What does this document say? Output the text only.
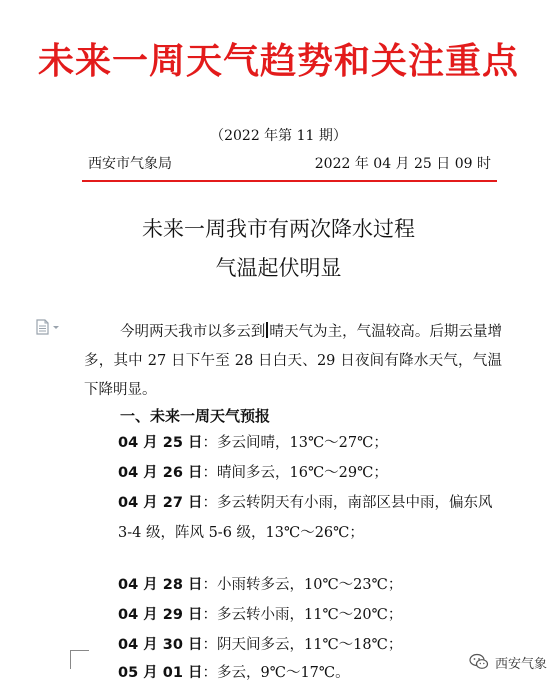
未来一周天气趋势和关注重点
（2022 年第 11 期）
西安市气象局	2022 年 04 月 25 日 09 时
未来一周我市有两次降水过程
气温起伏明显
今明两天我市以多云到 晴天气为主，气温较高。后期云量增多，其中 27 日下午至 28 日白天、29 日夜间有降水天气，气温下降明显。
一、未来一周天气预报
04 月 25 日：多云间晴，13℃～27℃；
04 月 26 日：晴间多云，16℃～29℃；
04 月 27 日：多云转阴天有小雨，南部区县中雨，偏东风 3-4 级，阵风 5-6 级，13℃～26℃；
04 月 28 日：小雨转多云，10℃～23℃；
04 月 29 日：多云转小雨，11℃～20℃；
04 月 30 日：阴天间多云，11℃～18℃；
05 月 01 日：多云，9℃～17℃。
西安气象
